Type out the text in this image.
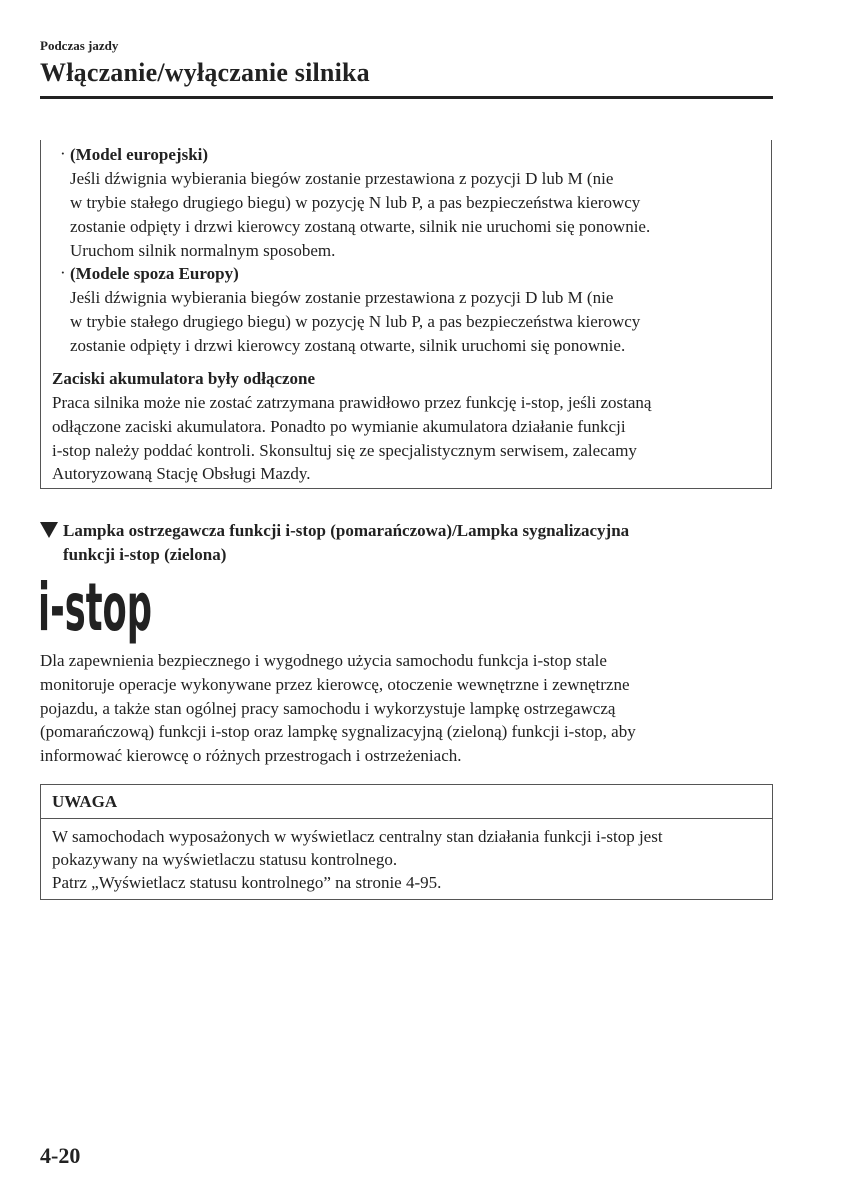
Podczas jazdy
Włączanie/wyłączanie silnika
· (Model europejski)
Jeśli dźwignia wybierania biegów zostanie przestawiona z pozycji D lub M (nie
w trybie stałego drugiego biegu) w pozycję N lub P, a pas bezpieczeństwa kierowcy
zostanie odpięty i drzwi kierowcy zostaną otwarte, silnik nie uruchomi się ponownie.
Uruchom silnik normalnym sposobem.
· (Modele spoza Europy)
Jeśli dźwignia wybierania biegów zostanie przestawiona z pozycji D lub M (nie
w trybie stałego drugiego biegu) w pozycję N lub P, a pas bezpieczeństwa kierowcy
zostanie odpięty i drzwi kierowcy zostaną otwarte, silnik uruchomi się ponownie.
Zaciski akumulatora były odłączone
Praca silnika może nie zostać zatrzymana prawidłowo przez funkcję i-stop, jeśli zostaną
odłączone zaciski akumulatora. Ponadto po wymianie akumulatora działanie funkcji
i-stop należy poddać kontroli. Skonsultuj się ze specjalistycznym serwisem, zalecamy
Autoryzowaną Stację Obsługi Mazdy.
Lampka ostrzegawcza funkcji i-stop (pomarańczowa)/Lampka sygnalizacyjna
funkcji i-stop (zielona)
i-stop
Dla zapewnienia bezpiecznego i wygodnego użycia samochodu funkcja i-stop stale
monitoruje operacje wykonywane przez kierowcę, otoczenie wewnętrzne i zewnętrzne
pojazdu, a także stan ogólnej pracy samochodu i wykorzystuje lampkę ostrzegawczą
(pomarańczową) funkcji i-stop oraz lampkę sygnalizacyjną (zieloną) funkcji i-stop, aby
informować kierowcę o różnych przestrogach i ostrzeżeniach.
UWAGA
W samochodach wyposażonych w wyświetlacz centralny stan działania funkcji i-stop jest
pokazywany na wyświetlaczu statusu kontrolnego.
Patrz „Wyświetlacz statusu kontrolnego” na stronie 4-95.
4-20
